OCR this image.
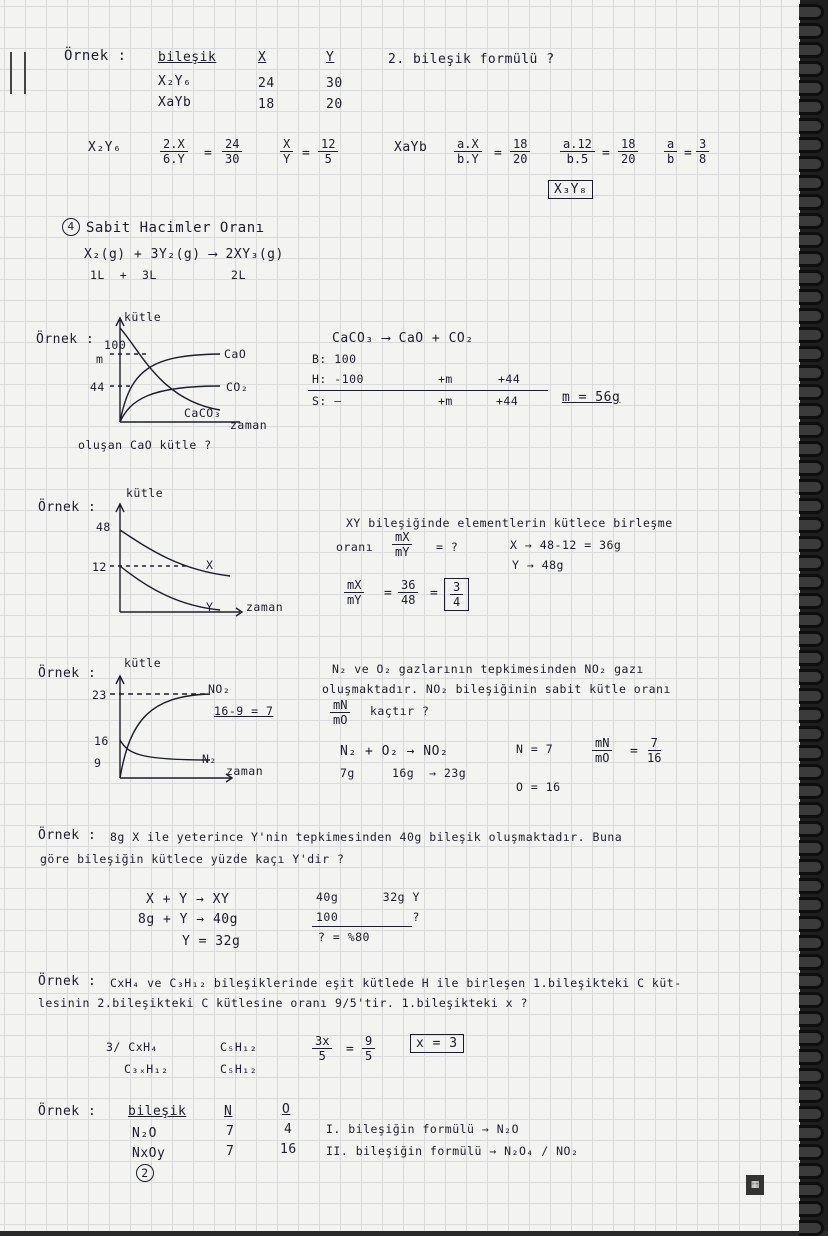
Örnek : bileşik	X	Y
X₂Y₆	24	30
XaYb	18	20
2. bileşik formülü ?
X₂Y₆	$\frac{2.X}{6.Y} = \frac{24}{30}$	$\frac{X}{Y} = \frac{12}{5}$	XaYb $\frac{a.X}{b.Y} = \frac{18}{20} \frac{a.12}{b.5} = \frac{18}{20} \frac{a}{b} = \frac{3}{8}$
X₃Y₈
4 Sabit Hacimler Oranı
X₂(g) + 3Y₂(g) ⟶ 2XY₃(g)
1L  +  3L          2L
Örnek :
kütle
100
m
44
CaO
CO₂
CaCO₃
zaman
oluşan CaO kütle ?
CaCO₃ ⟶ CaO + CO₂
B: 100
H: -100
S: —
+m	+44
+m	+44	m = 56g
Örnek :
kütle
48
12	X
Y	zaman
XY bileşiğinde elementlerin kütlece birleşme
oranı $\frac{mX}{mY}$ = ?	X → 48-12 = 36g
Y → 48g
$\frac{mX}{mY} = \frac{36}{48} = \frac{3}{4}$
Örnek :
kütle
23
16
9
NO₂
N₂
16-9 = 7
zaman
N₂ ve O₂ gazlarının tepkimesinden NO₂ gazı
oluşmaktadır. NO₂ bileşiğinin sabit kütle oranı
$\frac{mN}{mO}$ kaçtır ?
N₂ + O₂ → NO₂
7g     16g  → 23g
N = 7
O = 16
$\frac{mN}{mO} = \frac{7}{16}$
Örnek : 8g X ile yeterince Y'nin tepkimesinden 40g bileşik oluşmaktadır. Buna
göre bileşiğin kütlece yüzde kaçı Y'dir ?
X + Y → XY
8g + Y → 40g
Y = 32g
40g      32g Y
100          ?
? = %80
Örnek : CxH₄ ve C₃H₁₂ bileşiklerinde eşit kütlede H ile birleşen 1.bileşikteki C küt-
lesinin 2.bileşikteki C kütlesine oranı 9/5'tir. 1.bileşikteki x ?
3/ CxH₄
C₃ₓH₁₂
C₅H₁₂
C₅H₁₂
$\frac{3x}{5} = \frac{9}{5}$	x = 3
Örnek : bileşik	N	O
N₂O	7	4
NxOy	7	16
2
I. bileşiğin formülü → N₂O
II. bileşiğin formülü → N₂O₄ / NO₂
▦
